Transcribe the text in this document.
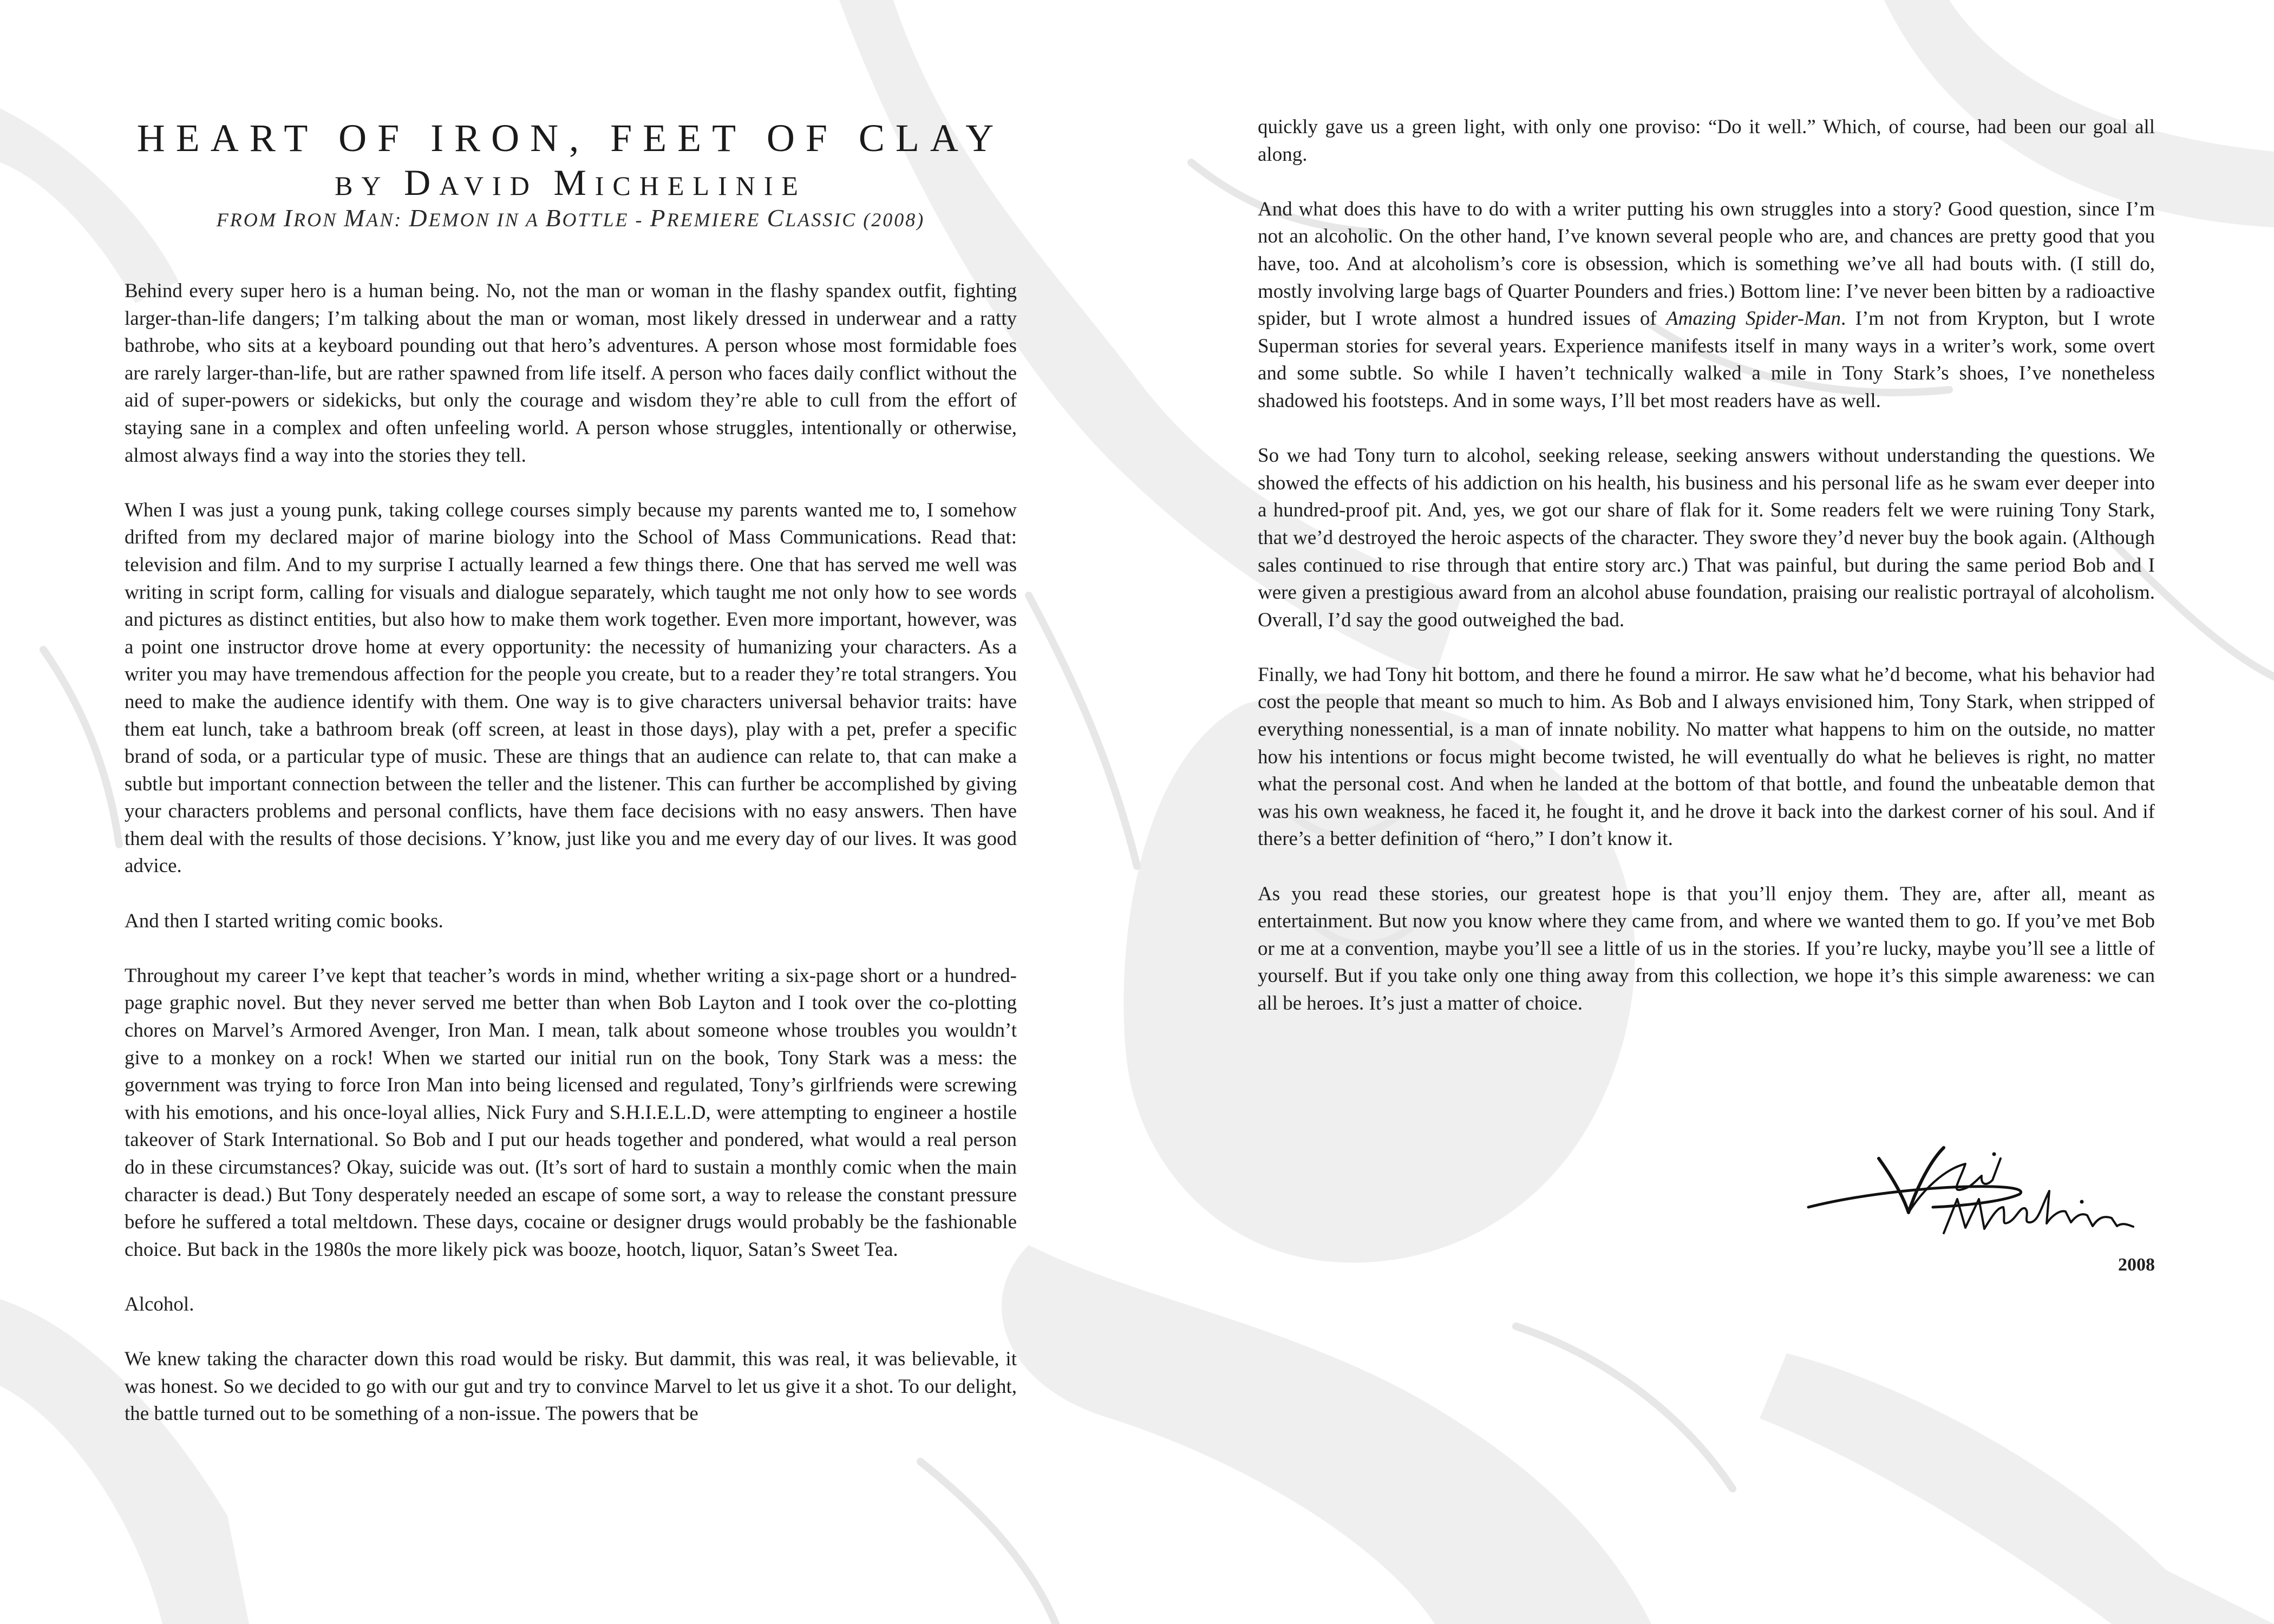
HEART OF IRON, FEET OF CLAY
BY DAVID MICHELINIE
FROM IRON MAN: DEMON IN A BOTTLE - PREMIERE CLASSIC (2008)

Behind every super hero is a human being. No, not the man or woman in the flashy spandex outfit, fighting larger-than-life dangers; I’m talking about the man or woman, most likely dressed in underwear and a ratty bathrobe, who sits at a keyboard pounding out that hero’s adventures. A person whose most formidable foes are rarely larger-than-life, but are rather spawned from life itself. A person who faces daily conflict without the aid of super-powers or sidekicks, but only the courage and wisdom they’re able to cull from the effort of staying sane in a complex and often unfeeling world. A person whose struggles, intentionally or otherwise, almost always find a way into the stories they tell.

When I was just a young punk, taking college courses simply because my parents wanted me to, I somehow drifted from my declared major of marine biology into the School of Mass Communications. Read that: television and film. And to my surprise I actually learned a few things there. One that has served me well was writing in script form, calling for visuals and dialogue separately, which taught me not only how to see words and pictures as distinct entities, but also how to make them work together. Even more important, however, was a point one instructor drove home at every opportunity: the necessity of humanizing your characters. As a writer you may have tremendous affection for the people you create, but to a reader they’re total strangers. You need to make the audience identify with them. One way is to give characters universal behavior traits: have them eat lunch, take a bathroom break (off screen, at least in those days), play with a pet, prefer a specific brand of soda, or a particular type of music. These are things that an audience can relate to, that can make a subtle but important connection between the teller and the listener. This can further be accomplished by giving your characters problems and personal conflicts, have them face decisions with no easy answers. Then have them deal with the results of those decisions. Y’know, just like you and me every day of our lives. It was good advice.

And then I started writing comic books.

Throughout my career I’ve kept that teacher’s words in mind, whether writing a six-page short or a hundred-page graphic novel. But they never served me better than when Bob Layton and I took over the co-plotting chores on Marvel’s Armored Avenger, Iron Man. I mean, talk about someone whose troubles you wouldn’t give to a monkey on a rock! When we started our initial run on the book, Tony Stark was a mess: the government was trying to force Iron Man into being licensed and regulated, Tony’s girlfriends were screwing with his emotions, and his once-loyal allies, Nick Fury and S.H.I.E.L.D, were attempting to engineer a hostile takeover of Stark International. So Bob and I put our heads together and pondered, what would a real person do in these circumstances? Okay, suicide was out. (It’s sort of hard to sustain a monthly comic when the main character is dead.) But Tony desperately needed an escape of some sort, a way to release the constant pressure before he suffered a total meltdown. These days, cocaine or designer drugs would probably be the fashionable choice. But back in the 1980s the more likely pick was booze, hootch, liquor, Satan’s Sweet Tea.

Alcohol.

We knew taking the character down this road would be risky. But dammit, this was real, it was believable, it was honest. So we decided to go with our gut and try to convince Marvel to let us give it a shot. To our delight, the battle turned out to be something of a non-issue. The powers that be

quickly gave us a green light, with only one proviso: “Do it well.” Which, of course, had been our goal all along.

And what does this have to do with a writer putting his own struggles into a story? Good question, since I’m not an alcoholic. On the other hand, I’ve known several people who are, and chances are pretty good that you have, too. And at alcoholism’s core is obsession, which is something we’ve all had bouts with. (I still do, mostly involving large bags of Quarter Pounders and fries.) Bottom line: I’ve never been bitten by a radioactive spider, but I wrote almost a hundred issues of Amazing Spider-Man. I’m not from Krypton, but I wrote Superman stories for several years. Experience manifests itself in many ways in a writer’s work, some overt and some subtle. So while I haven’t technically walked a mile in Tony Stark’s shoes, I’ve nonetheless shadowed his footsteps. And in some ways, I’ll bet most readers have as well.

So we had Tony turn to alcohol, seeking release, seeking answers without understanding the questions. We showed the effects of his addiction on his health, his business and his personal life as he swam ever deeper into a hundred-proof pit. And, yes, we got our share of flak for it. Some readers felt we were ruining Tony Stark, that we’d destroyed the heroic aspects of the character. They swore they’d never buy the book again. (Although sales continued to rise through that entire story arc.) That was painful, but during the same period Bob and I were given a prestigious award from an alcohol abuse foundation, praising our realistic portrayal of alcoholism. Overall, I’d say the good outweighed the bad.

Finally, we had Tony hit bottom, and there he found a mirror. He saw what he’d become, what his behavior had cost the people that meant so much to him. As Bob and I always envisioned him, Tony Stark, when stripped of everything nonessential, is a man of innate nobility. No matter what happens to him on the outside, no matter how his intentions or focus might become twisted, he will eventually do what he believes is right, no matter what the personal cost. And when he landed at the bottom of that bottle, and found the unbeatable demon that was his own weakness, he faced it, he fought it, and he drove it back into the darkest corner of his soul. And if there’s a better definition of “hero,” I don’t know it.

As you read these stories, our greatest hope is that you’ll enjoy them. They are, after all, meant as entertainment. But now you know where they came from, and where we wanted them to go. If you’ve met Bob or me at a convention, maybe you’ll see a little of us in the stories. If you’re lucky, maybe you’ll see a little of yourself. But if you take only one thing away from this collection, we hope it’s this simple awareness: we can all be heroes. It’s just a matter of choice.

2008
